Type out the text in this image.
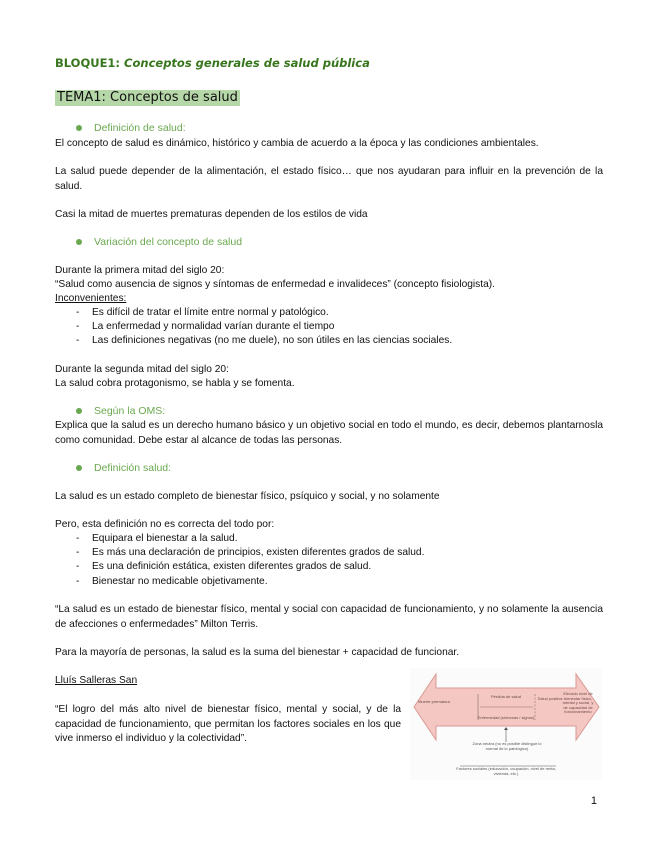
BLOQUE1: Conceptos generales de salud pública
TEMA1: Conceptos de salud
Definición de salud:
El concepto de salud es dinámico, histórico y cambia de acuerdo a la época y las condiciones ambientales.
La salud puede depender de la alimentación, el estado físico… que nos ayudaran para influir en la prevención de la salud.
Casi la mitad de muertes prematuras dependen de los estilos de vida
Variación del concepto de salud
Durante la primera mitad del siglo 20:
“Salud como ausencia de signos y síntomas de enfermedad e invalideces” (concepto fisiologista).
Inconvenientes:
- Es difícil de tratar el límite entre normal y patológico.
- La enfermedad y normalidad varían durante el tiempo
- Las definiciones negativas (no me duele), no son útiles en las ciencias sociales.
Durante la segunda mitad del siglo 20:
La salud cobra protagonismo, se habla y se fomenta.
Según la OMS:
Explica que la salud es un derecho humano básico y un objetivo social en todo el mundo, es decir, debemos plantarnosla como comunidad. Debe estar al alcance de todas las personas.
Definición salud:
La salud es un estado completo de bienestar físico, psíquico y social, y no solamente
Pero, esta definición no es correcta del todo por:
- Equipara el bienestar a la salud.
- Es más una declaración de principios, existen diferentes grados de salud.
- Es una definición estática, existen diferentes grados de salud.
- Bienestar no medicable objetivamente.
“La salud es un estado de bienestar físico, mental y social con capacidad de funcionamiento, y no solamente la ausencia de afecciones o enfermedades” Milton Terris.
Para la mayoría de personas, la salud es la suma del bienestar + capacidad de funcionar.
Lluís Salleras San
“El logro del más alto nivel de bienestar físico, mental y social, y de la capacidad de funcionamiento, que permitan los factores sociales en los que vive inmerso el individuo y la colectividad”.
Muerte prematura
Pérdida de salud
Enfermedad (síntomas / signos)
Salud positiva
Elevado nivel de bienestar físico, mental y social, y de capacidad de funcionamiento
Zona neutra (no es posible distinguir lo normal de lo patológico)
Factores sociales (educación, ocupación, nivel de renta, vivienda, etc.)
1
